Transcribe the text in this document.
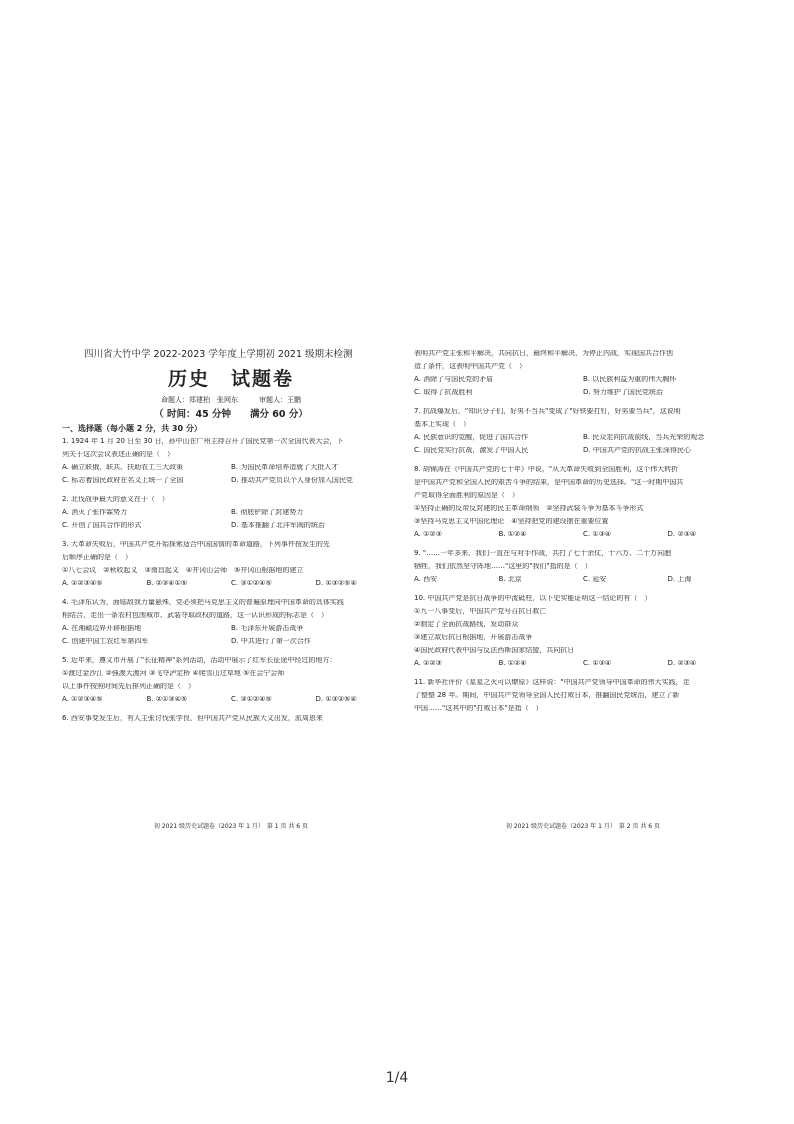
四川省大竹中学 2022-2023 学年度上学期初 2021 级期末检测
历史　试题卷
命题人：郑建柏　张网东　　　审题人：王鹏
（ 时间：45 分钟　　满分 60 分）
一、选择题（每小题 2 分，共 30 分）
1. 1924 年 1 月 20 日至 30 日，孙中山在广州主持召开了国民党第一次全国代表大会，下
列关于这次会议表述正确的是（　）
A. 确立联俄、联共、扶助农工三大政策	B. 为国民革命培养造就了大批人才
C. 标志着国民政府在名义上统一了全国	D. 推动共产党员以个人身份加入国民党
2. 北伐战争最大的意义在于（　）
A. 消灭了张作霖势力	B. 彻底铲除了封建势力
C. 开创了国共合作的形式	D. 基本推翻了北洋军阀的统治
3. 大革命失败后，中国共产党开始探索适合中国国情的革命道路，下列事件按发生的先
后顺序正确的是（　）
①八七会议　②秋收起义　③南昌起义　④井冈山会师　⑤井冈山根据地的建立
A. ①②③④⑤	B. ②③④①⑤	C. ③①②④⑤	D. ①③②⑤④
4. 毛泽东认为，面临敌我力量悬殊，党必须把马克思主义的普遍原理同中国革命的具体实践
相结合，走出一条农村包围城市、武装夺取政权的道路，这一认识形成的标志是（　）
A. 在湘赣边界开辟根据地	B. 毛泽东开展游击战争
C. 创建中国工农红军第四军	D. 中共进行了第一次合作
5. 近年来，遵义市开展了"长征精神"系列活动，活动中展示了红军长征途中经过的地方：
①渡过金沙江 ②强渡大渡河 ③飞夺泸定桥 ④爬雪山过草地 ⑤在会宁会师
以上事件按照时间先后排列正确的是（　）
A. ①②③④⑤	B. ②①③④⑤	C. ③①②④⑤	D. ①③②⑤④
6. 西安事变发生后，有人主张讨伐张学良，但中国共产党从民族大义出发，派周恩来
初 2021 级历史试题卷（2023 年 1 月）　第 1 页 共 6 页
表明共产党主张和平解决，共同抗日，最终和平解决，为停止内战，实现国共合作创
造了条件，这表明中国共产党（　）
A. 消除了与国民党的矛盾	B. 以民族利益为重的伟大胸怀
C. 取得了抗战胜利	D. 努力维护了国民党统治
7. 抗战爆发后，"知识分子们，好男不当兵"变成了"好铁要打钉，好男要当兵"，这说明
基本上实现（　）
A. 民族意识的觉醒，促进了国共合作	B. 民众走向抗战前线，当兵光荣的观念
C. 国民党实行抗战，激发了中国人民	D. 中国共产党的抗战主张深得民心
8. 胡锦涛在《中国共产党的七十年》中说，"从大革命失败到全国胜利，这个伟大转折
是中国共产党和全国人民的艰苦斗争的结果，是中国革命的历史选择。"这一时期中国共
产党取得全面胜利的原因是（　）
①坚持正确的反帝反封建的民主革命纲领　②坚持武装斗争为基本斗争形式
③坚持马克思主义中国化理论　④坚持把党的建设摆在重要位置
A. ①②③	B. ①②④	C. ①③④	D. ②③④
9. "……一年多来，我们一直在与对手作战，共打了七十余仗，十六万、二十万同胞
牺牲，我们依然坚守阵地……"这里的"我们"指的是（　）
A. 西安	B. 北京	C. 延安	D. 上海
10. 中国共产党是抗日战争的中流砥柱，以下史实能证明这一结论的有（　）
①九一八事变后，中国共产党号召抗日救亡
②制定了全面抗战路线，发动群众
③建立敌后抗日根据地，开展游击战争
④国民政府代表中国与反法西斯国家结盟，共同抗日
A. ①②③	B. ①②④	C. ①③④	D. ②③④
11. 新华社评价《星星之火可以燎原》这样说："中国共产党领导中国革命的伟大实践，走
了整整 28 年。期间，中国共产党领导全国人民打败日本，推翻国民党统治，建立了新
中国……"这其中的"打败日本"是指（　）
初 2021 级历史试题卷（2023 年 1 月）　第 2 页 共 6 页
1/4
